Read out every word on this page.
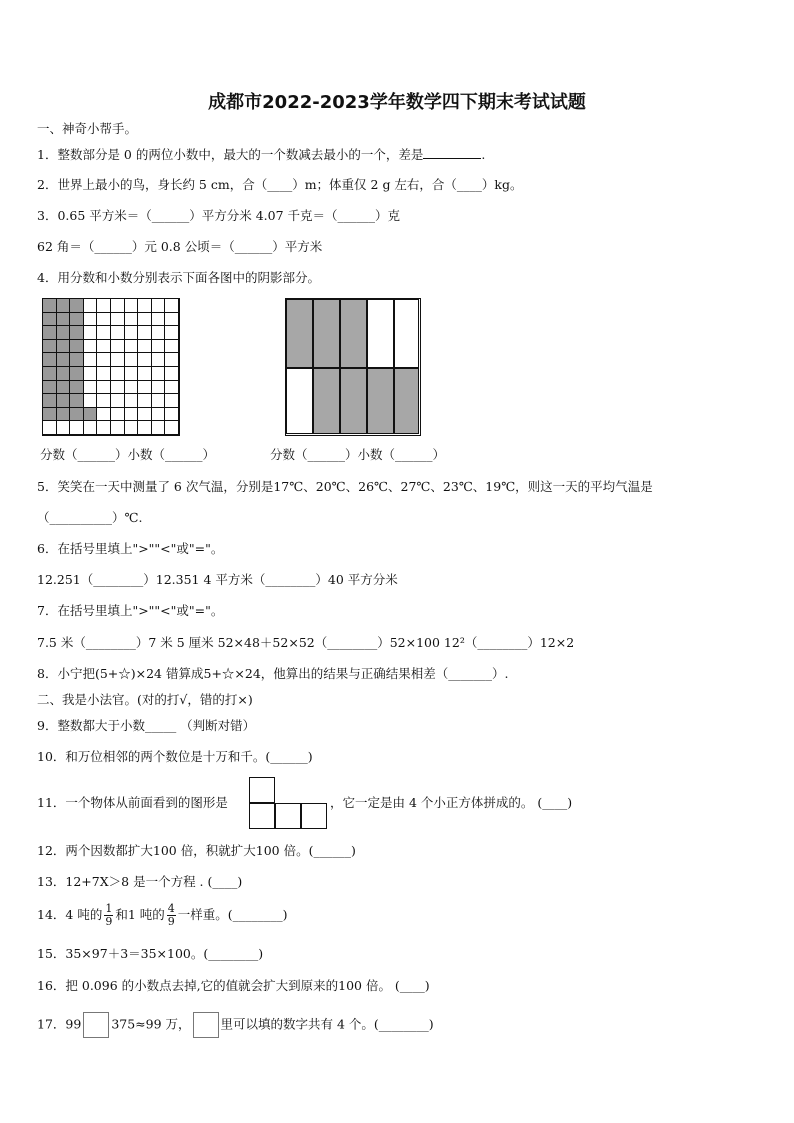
成都市2022-2023学年数学四下期末考试试题
一、神奇小帮手。
1．整数部分是 0 的两位小数中，最大的一个数减去最小的一个，差是	.
2．世界上最小的鸟，身长约 5 cm，合（____）m；体重仅 2 g 左右，合（____）kg。
3．0.65 平方米＝（______）平方分米 4.07 千克＝（______）克
62 角＝（______）元 0.8 公顷＝（______）平方米
4．用分数和小数分别表示下面各图中的阴影部分。
分数（______）小数（______）	分数（______）小数（______）
5．笑笑在一天中测量了 6 次气温，分别是17℃、20℃、26℃、27℃、23℃、19℃，则这一天的平均气温是
（__________）℃.
6．在括号里填上">""<"或"="。
12.251（________）12.351 4 平方米（________）40 平方分米
7．在括号里填上">""<"或"="。
7.5 米（________）7 米 5 厘米 52×48＋52×52（________）52×100 12²（________）12×2
8．小宁把(5+☆)×24 错算成5+☆×24，他算出的结果与正确结果相差（_______）.
二、我是小法官。(对的打√，错的打×)
9．整数都大于小数_____ （判断对错）
10．和万位相邻的两个数位是十万和千。(______)
11．一个物体从前面看到的图形是	，它一定是由 4 个小正方体拼成的。 (____)
12．两个因数都扩大100 倍，积就扩大100 倍。(______)
13．12+7X＞8 是一个方程 . (____)
14．4 吨的 $\frac{1}{9}$ 和1 吨的 $\frac{4}{9}$ 一样重。(________)
15．35×97＋3＝35×100。(________)
16．把 0.096 的小数点去掉,它的值就会扩大到原来的100 倍。 (____)
17．99 375≈99 万， 里可以填的数字共有 4 个。(________)
